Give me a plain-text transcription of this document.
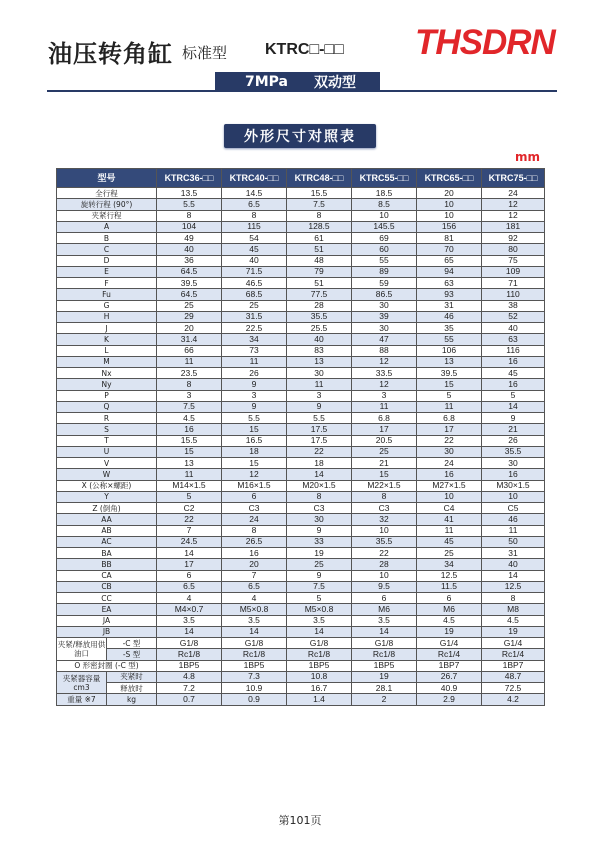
油压转角缸 标准型 KTRC□-□□ THSDRN
7MPa 双动型
外形尺寸对照表
mm
型号		KTRC36-□□	KTRC40-□□	KTRC48-□□	KTRC55-□□	KTRC65-□□	KTRC75-□□
全行程		13.5	14.5	15.5	18.5	20	24
旋转行程 (90°)		5.5	6.5	7.5	8.5	10	12
夹紧行程		8	8	8	10	10	12
A		104	115	128.5	145.5	156	181
B		49	54	61	69	81	92
C		40	45	51	60	70	80
D		36	40	48	55	65	75
E		64.5	71.5	79	89	94	109
F		39.5	46.5	51	59	63	71
Fu		64.5	68.5	77.5	86.5	93	110
G		25	25	28	30	31	38
H		29	31.5	35.5	39	46	52
J		20	22.5	25.5	30	35	40
K		31.4	34	40	47	55	63
L		66	73	83	88	106	116
M		11	11	13	12	13	16
Nx		23.5	26	30	33.5	39.5	45
Ny		8	9	11	12	15	16
P		3	3	3	3	5	5
Q		7.5	9	9	11	11	14
R		4.5	5.5	5.5	6.8	6.8	9
S		16	15	17.5	17	17	21
T		15.5	16.5	17.5	20.5	22	26
U		15	18	22	25	30	35.5
V		13	15	18	21	24	30
W		11	12	14	15	16	16
X (公称×螺距)		M14×1.5	M16×1.5	M20×1.5	M22×1.5	M27×1.5	M30×1.5
Y		5	6	8	8	10	10
Z (倒角)		C2	C3	C3	C3	C4	C5
AA		22	24	30	32	41	46
AB		7	8	9	10	11	11
AC		24.5	26.5	33	35.5	45	50
BA		14	16	19	22	25	31
BB		17	20	25	28	34	40
CA		6	7	9	10	12.5	14
CB		6.5	6.5	7.5	9.5	11.5	12.5
CC		4	4	5	6	6	8
EA		M4×0.7	M5×0.8	M5×0.8	M6	M6	M8
JA		3.5	3.5	3.5	3.5	4.5	4.5
JB		14	14	14	14	19	19
夹紧/释放用供油口	-C 型	G1/8	G1/8	G1/8	G1/8	G1/4	G1/4
	-S 型	Rc1/8	Rc1/8	Rc1/8	Rc1/8	Rc1/4	Rc1/4
O 形密封圈 (-C 型)		1BP5	1BP5	1BP5	1BP5	1BP7	1BP7
夹紧器容量 cm3	夹紧时	4.8	7.3	10.8	19	26.7	48.7
	释放时	7.2	10.9	16.7	28.1	40.9	72.5
重量 ※7	kg	0.7	0.9	1.4	2	2.9	4.2
第101页
